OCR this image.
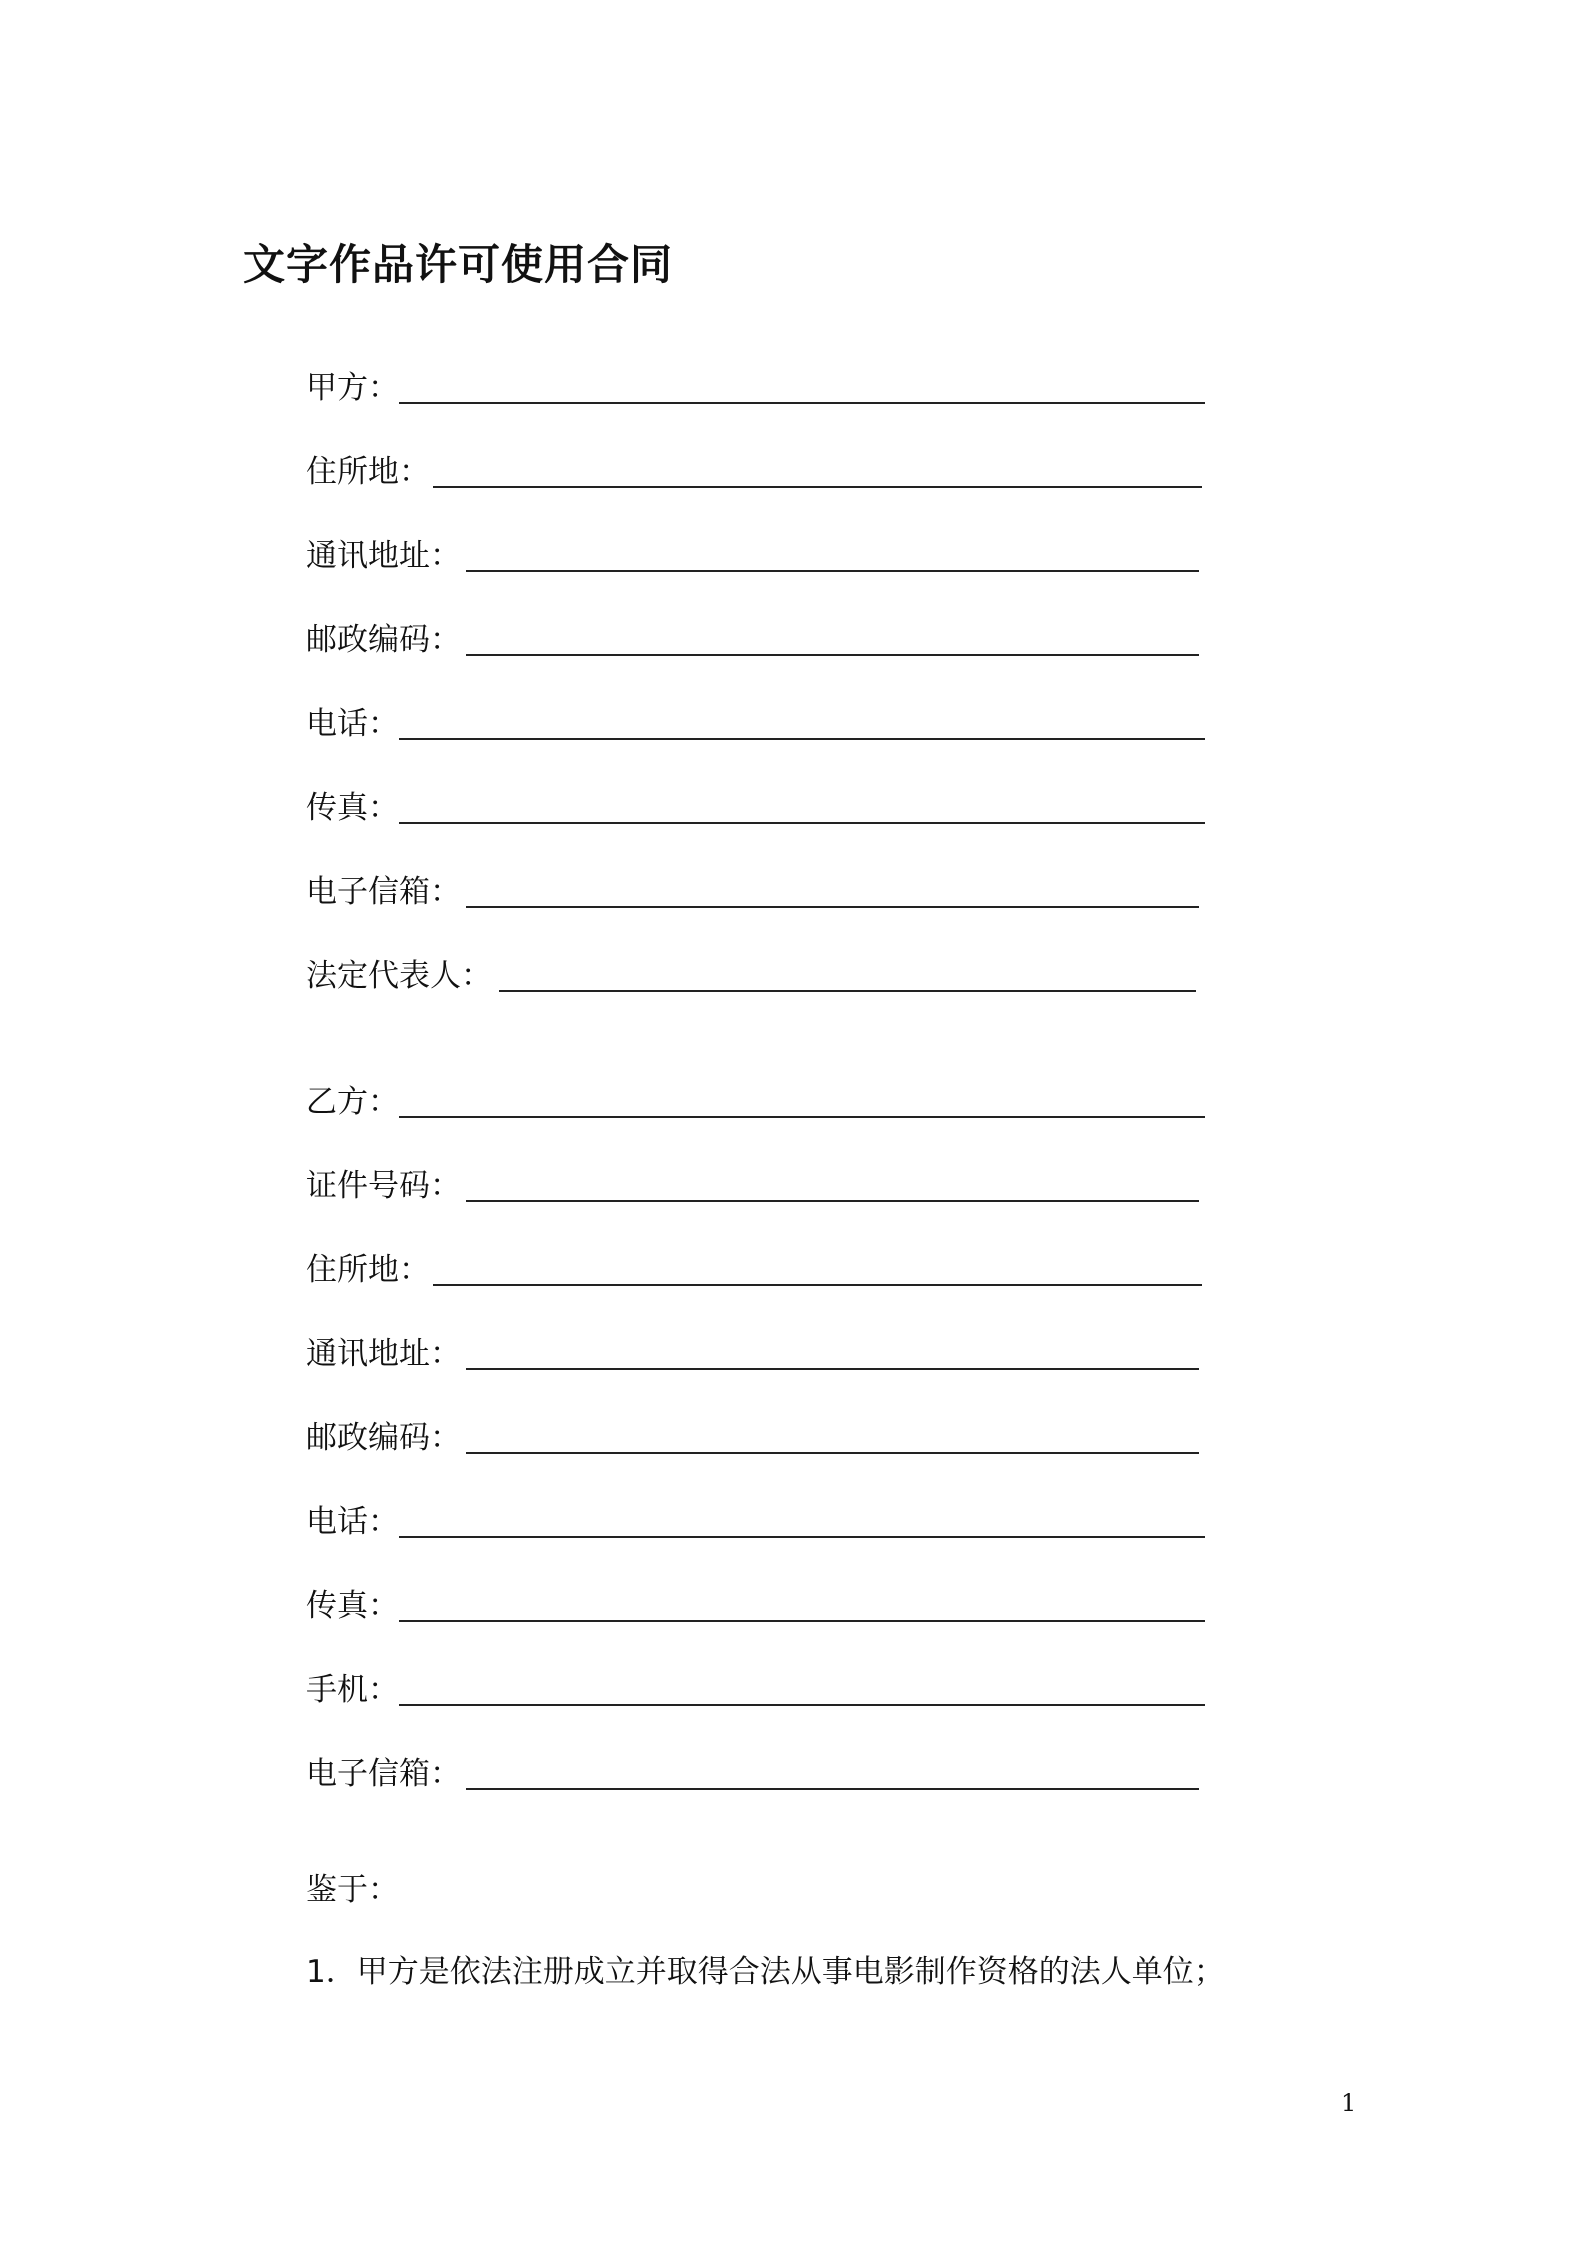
文字作品许可使用合同
甲方：
住所地：
通讯地址：
邮政编码：
电话：
传真：
电子信箱：
法定代表人：
乙方：
证件号码：
住所地：
通讯地址：
邮政编码：
电话：
传真：
手机：
电子信箱：
鉴于：
1．甲方是依法注册成立并取得合法从事电影制作资格的法人单位；
1
